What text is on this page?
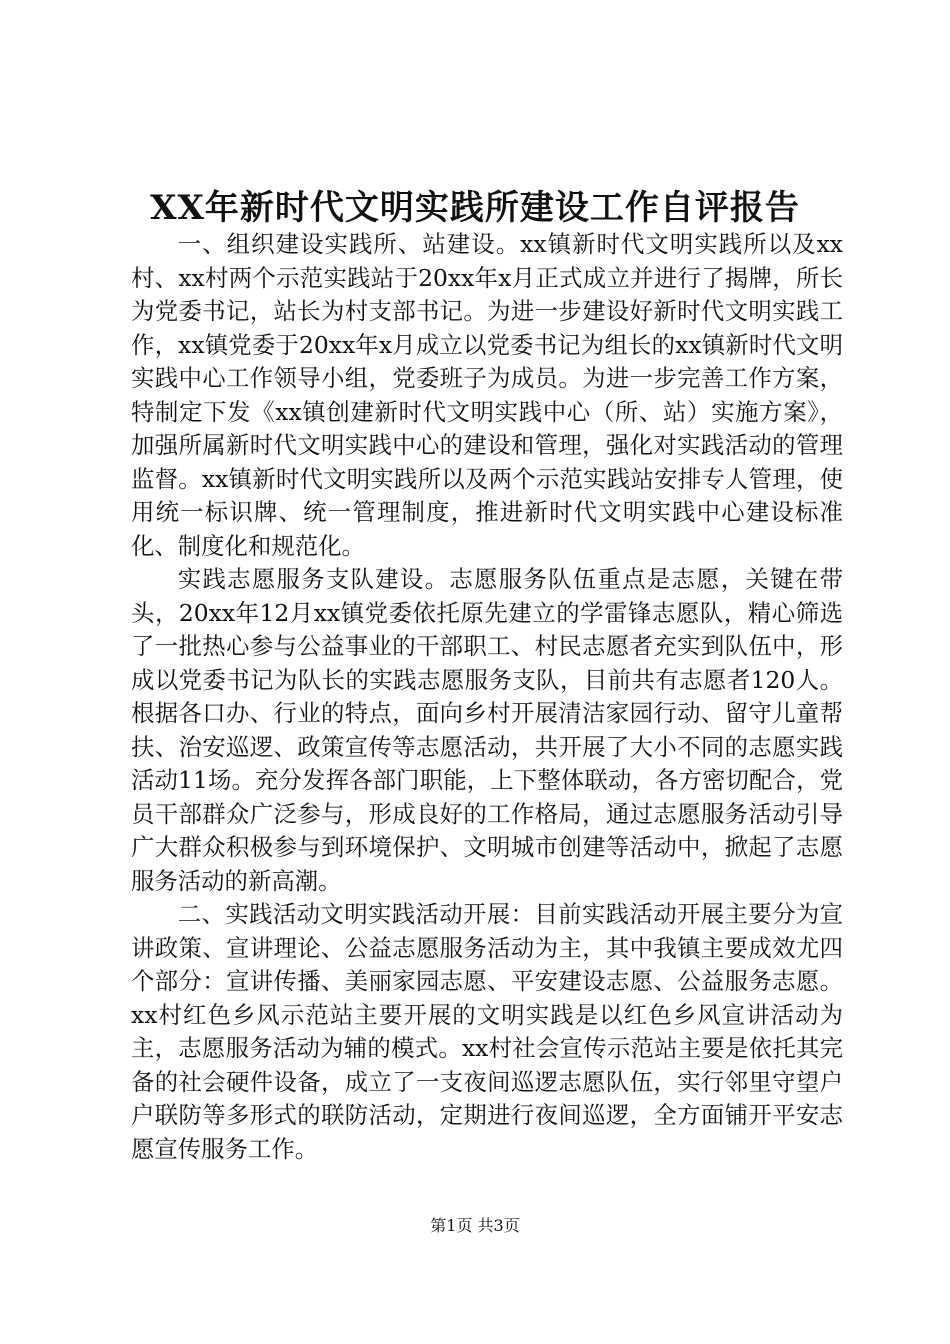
XX年新时代文明实践所建设工作自评报告

一、组织建设实践所、站建设。xx镇新时代文明实践所以及xx村、xx村两个示范实践站于20xx年x月正式成立并进行了揭牌，所长为党委书记，站长为村支部书记。为进一步建设好新时代文明实践工作，xx镇党委于20xx年x月成立以党委书记为组长的xx镇新时代文明实践中心工作领导小组，党委班子为成员。为进一步完善工作方案，特制定下发《xx镇创建新时代文明实践中心（所、站）实施方案》，加强所属新时代文明实践中心的建设和管理，强化对实践活动的管理监督。xx镇新时代文明实践所以及两个示范实践站安排专人管理，使用统一标识牌、统一管理制度，推进新时代文明实践中心建设标准化、制度化和规范化。

实践志愿服务支队建设。志愿服务队伍重点是志愿，关键在带头，20xx年12月xx镇党委依托原先建立的学雷锋志愿队，精心筛选了一批热心参与公益事业的干部职工、村民志愿者充实到队伍中，形成以党委书记为队长的实践志愿服务支队，目前共有志愿者120人。根据各口办、行业的特点，面向乡村开展清洁家园行动、留守儿童帮扶、治安巡逻、政策宣传等志愿活动，共开展了大小不同的志愿实践活动11场。充分发挥各部门职能，上下整体联动，各方密切配合，党员干部群众广泛参与，形成良好的工作格局，通过志愿服务活动引导广大群众积极参与到环境保护、文明城市创建等活动中，掀起了志愿服务活动的新高潮。

二、实践活动文明实践活动开展：目前实践活动开展主要分为宣讲政策、宣讲理论、公益志愿服务活动为主，其中我镇主要成效尤四个部分：宣讲传播、美丽家园志愿、平安建设志愿、公益服务志愿。xx村红色乡风示范站主要开展的文明实践是以红色乡风宣讲活动为主，志愿服务活动为辅的模式。xx村社会宣传示范站主要是依托其完备的社会硬件设备，成立了一支夜间巡逻志愿队伍，实行邻里守望户户联防等多形式的联防活动，定期进行夜间巡逻，全方面铺开平安志愿宣传服务工作。

第1页 共3页
